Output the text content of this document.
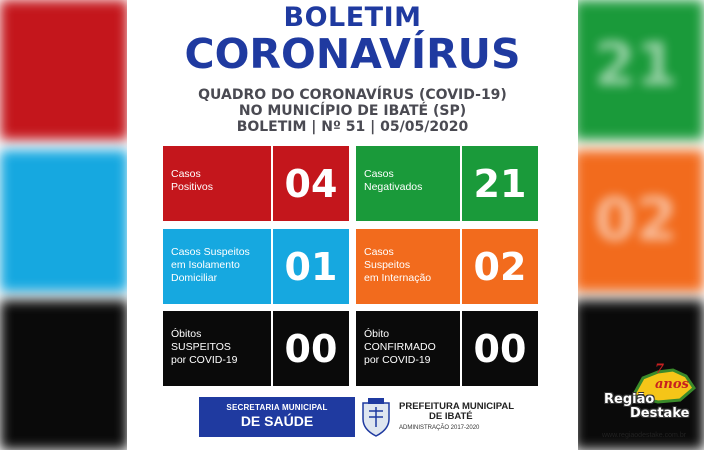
21
02
BOLETIM
CORONAVÍRUS
QUADRO DO CORONAVÍRUS (COVID-19)
NO MUNICÍPIO DE IBATÉ (SP)
BOLETIM | Nº 51 | 05/05/2020
Casos
Positivos	04	Casos
Negativados	21
Casos Suspeitos
em Isolamento
Domiciliar	01	Casos
Suspeitos
em Internação	02
Óbitos
SUSPEITOS
por COVID-19	00	Óbito
CONFIRMADO
por COVID-19	00
SECRETARIA MUNICIPAL
DE SAÚDE
PREFEITURA MUNICIPAL
DE IBATÉ
ADMINISTRAÇÃO 2017-2020
7 anos
Região
Destake
www.regiaodestake.com.br
